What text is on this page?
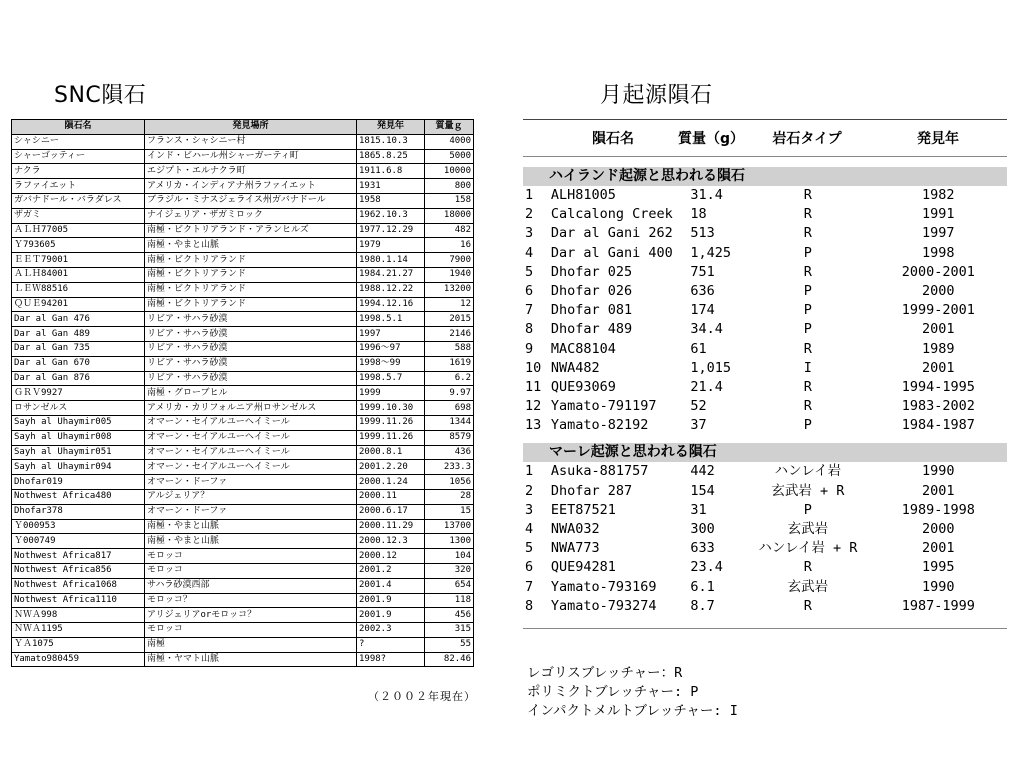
SNC隕石	月起源隕石
隕石名	発見場所	発見年	質量ｇ
シャシニー	フランス・シャシニー村	1815.10.3	4000
シャーゴッティー	インド・ビハール州シャーガーティ町	1865.8.25	5000
ナクラ	エジプト・エルナクラ町	1911.6.8	10000
ラファイエット	アメリカ・インディアナ州ラファイエット	1931	800
ガバナドール・バラダレス	ブラジル・ミナスジェライス州ガバナドール	1958	158
ザガミ	ナイジェリア・ザガミロック	1962.10.3	18000
ＡＬＨ77005	南極・ビクトリアランド・アランヒルズ	1977.12.29	482
Ｙ793605	南極・やまと山脈	1979	16
ＥＥＴ79001	南極・ビクトリアランド	1980.1.14	7900
ＡＬＨ84001	南極・ビクトリアランド	1984.21.27	1940
ＬＥＷ88516	南極・ビクトリアランド	1988.12.22	13200
ＱＵＥ94201	南極・ビクトリアランド	1994.12.16	12
Dar al Gan 476	リビア・サハラ砂漠	1998.5.1	2015
Dar al Gan 489	リビア・サハラ砂漠	1997	2146
Dar al Gan 735	リビア・サハラ砂漠	1996～97	588
Dar al Gan 670	リビア・サハラ砂漠	1998～99	1619
Dar al Gan 876	リビア・サハラ砂漠	1998.5.7	6.2
ＧＲＶ9927	南極・グローブヒル	1999	9.97
ロサンゼルス	アメリカ・カリフォルニア州ロサンゼルス	1999.10.30	698
Sayh al Uhaymir005	オマーン・セイアルユーヘイミール	1999.11.26	1344
Sayh al Uhaymir008	オマーン・セイアルユーヘイミール	1999.11.26	8579
Sayh al Uhaymir051	オマーン・セイアルユーヘイミール	2000.8.1	436
Sayh al Uhaymir094	オマーン・セイアルユーヘイミール	2001.2.20	233.3
Dhofar019	オマーン・ドーファ	2000.1.24	1056
Nothwest Africa480	アルジェリア？	2000.11	28
Dhofar378	オマーン・ドーファ	2000.6.17	15
Ｙ000953	南極・やまと山脈	2000.11.29	13700
Ｙ000749	南極・やまと山脈	2000.12.3	1300
Nothwest Africa817	モロッコ	2000.12	104
Nothwest Africa856	モロッコ	2001.2	320
Nothwest Africa1068	サハラ砂漠西部	2001.4	654
Nothwest Africa1110	モロッコ？	2001.9	118
ＮＷＡ998	アリジェリアorモロッコ？	2001.9	456
ＮＷＡ1195	モロッコ	2002.3	315
ＹＡ1075	南極	?	55
Yamato980459	南極・ヤマト山脈	1998?	82.46
（２００２年現在）
隕石名	質量（g）	岩石タイプ	発見年
ハイランド起源と思われる隕石
1	ALH81005	31.4	R	1982
2	Calcalong Creek	18	R	1991
3	Dar al Gani 262	513	R	1997
4	Dar al Gani 400	1,425	P	1998
5	Dhofar 025	751	R	2000-2001
6	Dhofar 026	636	P	2000
7	Dhofar 081	174	P	1999-2001
8	Dhofar 489	34.4	P	2001
9	MAC88104	61	R	1989
10 NWA482	1,015	I	2001
11 QUE93069	21.4	R	1994-1995
12 Yamato-791197	52	R	1983-2002
13 Yamato-82192	37	P	1984-1987
マーレ起源と思われる隕石
1	Asuka-881757	442	ハンレイ岩	1990
2	Dhofar 287	154	玄武岩 + R	2001
3	EET87521	31	P	1989-1998
4	NWA032	300	玄武岩	2000
5	NWA773	633	ハンレイ岩 + R	2001
6	QUE94281	23.4	R	1995
7	Yamato-793169	6.1	玄武岩	1990
8	Yamato-793274	8.7	R	1987-1999
レゴリスブレッチャー：R
ポリミクトブレッチャー: P
インパクトメルトブレッチャー: I
